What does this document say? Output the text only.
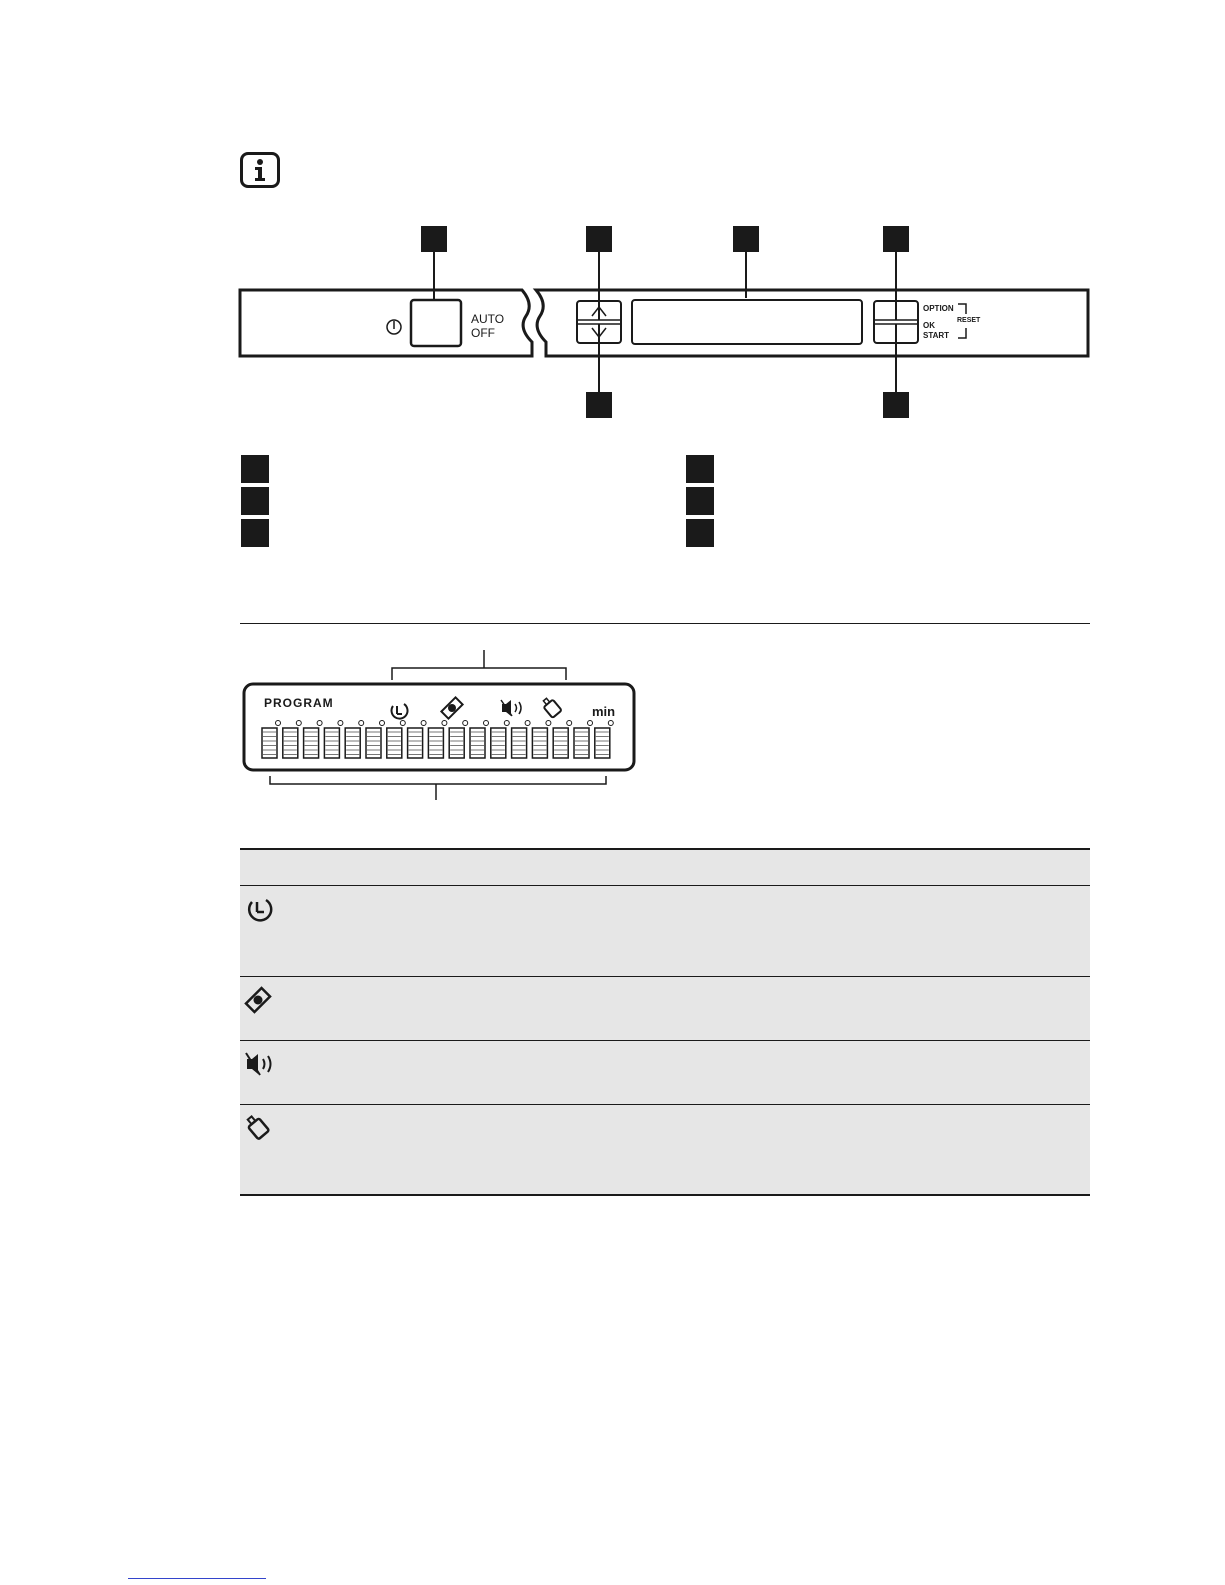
AUTO
OFF
OPTION
OK
START
RESET
PROGRAM
min
